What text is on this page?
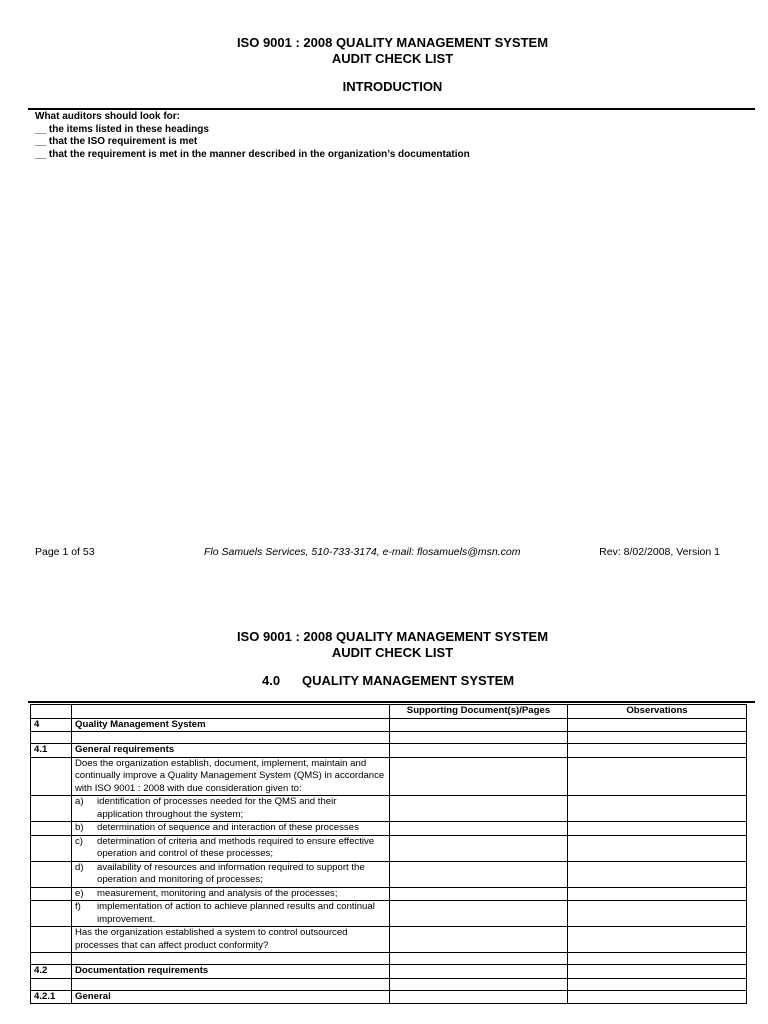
ISO 9001 : 2008 QUALITY MANAGEMENT SYSTEM
AUDIT CHECK LIST
INTRODUCTION
What auditors should look for:
__ the items listed in these headings
__ that the ISO requirement is met
__ that the requirement is met in the manner described in the organization’s documentation
Page 1 of 53	Flo Samuels Services, 510-733-3174, e-mail: flosamuels@msn.com	Rev: 8/02/2008, Version 1
ISO 9001 : 2008 QUALITY MANAGEMENT SYSTEM
AUDIT CHECK LIST
4.0 QUALITY MANAGEMENT SYSTEM
		Supporting Document(s)/Pages	Observations
4	Quality Management System		

4.1	General requirements		
	Does the organization establish, document, implement, maintain and continually improve a Quality Management System (QMS) in accordance with ISO 9001 : 2008 with due consideration given to:		
	a) identification of processes needed for the QMS and their application throughout the system;		
	b) determination of sequence and interaction of these processes		
	c) determination of criteria and methods required to ensure effective operation and control of these processes;		
	d) availability of resources and information required to support the operation and monitoring of processes;		
	e) measurement, monitoring and analysis of the processes;		
	f) implementation of action to achieve planned results and continual improvement.		
	Has the organization established a system to control outsourced processes that can affect product conformity?		

4.2	Documentation requirements		

4.2.1	General		
